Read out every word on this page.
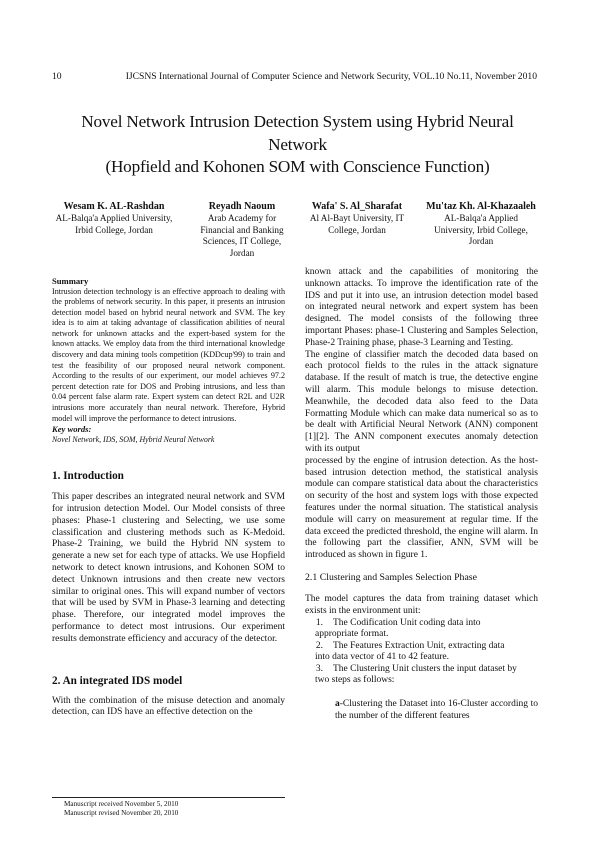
10	IJCSNS International Journal of Computer Science and Network Security, VOL.10 No.11, November 2010
Novel Network Intrusion Detection System using Hybrid Neural
Network
(Hopfield and Kohonen SOM with Conscience Function)
Wesam K. AL-Rashdan
AL-Balqa'a Applied University,
Irbid College, Jordan
Reyadh Naoum
Arab Academy for
Financial and Banking
Sciences, IT College,
Jordan
Wafa' S. Al_Sharafat
Al Al-Bayt University, IT
College, Jordan
Mu'taz Kh. Al-Khazaaleh
AL-Balqa'a Applied
University, Irbid College,
Jordan

Summary

Intrusion detection technology is an effective approach to dealing with the problems of network security. In this paper, it presents an intrusion detection model based on hybrid neural network and SVM. The key idea is to aim at taking advantage of classification abilities of neural network for unknown attacks and the expert-based system for the known attacks. We employ data from the third international knowledge discovery and data mining tools competition (KDDcup'99) to train and test the feasibility of our proposed neural network component. According to the results of our experiment, our model achieves 97.2 percent detection rate for DOS and Probing intrusions, and less than 0.04 percent false alarm rate. Expert system can detect R2L and U2R intrusions more accurately than neural network. Therefore, Hybrid model will improve the performance to detect intrusions.

Key words:

Novel Network, IDS, SOM, Hybrid Neural Network

1. Introduction

This paper describes an integrated neural network and SVM for intrusion detection Model. Our Model consists of three phases: Phase-1 clustering and Selecting, we use some classification and clustering methods such as K-Medoid. Phase-2 Training, we build the Hybrid NN system to generate a new set for each type of attacks. We use Hopfield network to detect known intrusions, and Kohonen SOM to detect Unknown intrusions and then create new vectors similar to original ones. This will expand number of vectors that will be used by SVM in Phase-3 learning and detecting phase. Therefore, our integrated model improves the performance to detect most intrusions. Our experiment results demonstrate efficiency and accuracy of the detector.

2. An integrated IDS model

With the combination of the misuse detection and anomaly detection, can IDS have an effective detection on the

known attack and the capabilities of monitoring the unknown attacks. To improve the identification rate of the IDS and put it into use, an intrusion detection model based on integrated neural network and expert system has been designed. The model consists of the following three important Phases: phase-1 Clustering and Samples Selection, Phase-2 Training phase, phase-3 Learning and Testing.

The engine of classifier match the decoded data based on each protocol fields to the rules in the attack signature database. If the result of match is true, the detective engine will alarm. This module belongs to misuse detection. Meanwhile, the decoded data also feed to the Data Formatting Module which can make data numerical so as to be dealt with Artificial Neural Network (ANN) component [1][2]. The ANN component executes anomaly detection with its output

processed by the engine of intrusion detection. As the host-based intrusion detection method, the statistical analysis module can compare statistical data about the characteristics on security of the host and system logs with those expected features under the normal situation. The statistical analysis module will carry on measurement at regular time. If the data exceed the predicted threshold, the engine will alarm. In the following part the classifier, ANN, SVM will be introduced as shown in figure 1.

2.1 Clustering and Samples Selection Phase

The model captures the data from training dataset which exists in the environment unit:

1.	The Codification Unit coding data into

appropriate format.

2.	The Features Extraction Unit, extracting data

into data vector of 41 to 42 feature.

3.	The Clustering Unit clusters the input dataset by

two steps as follows:

a-Clustering the Dataset into 16-Cluster according to the number of the different features

Manuscript received November 5, 2010
Manuscript revised November 20, 2010
